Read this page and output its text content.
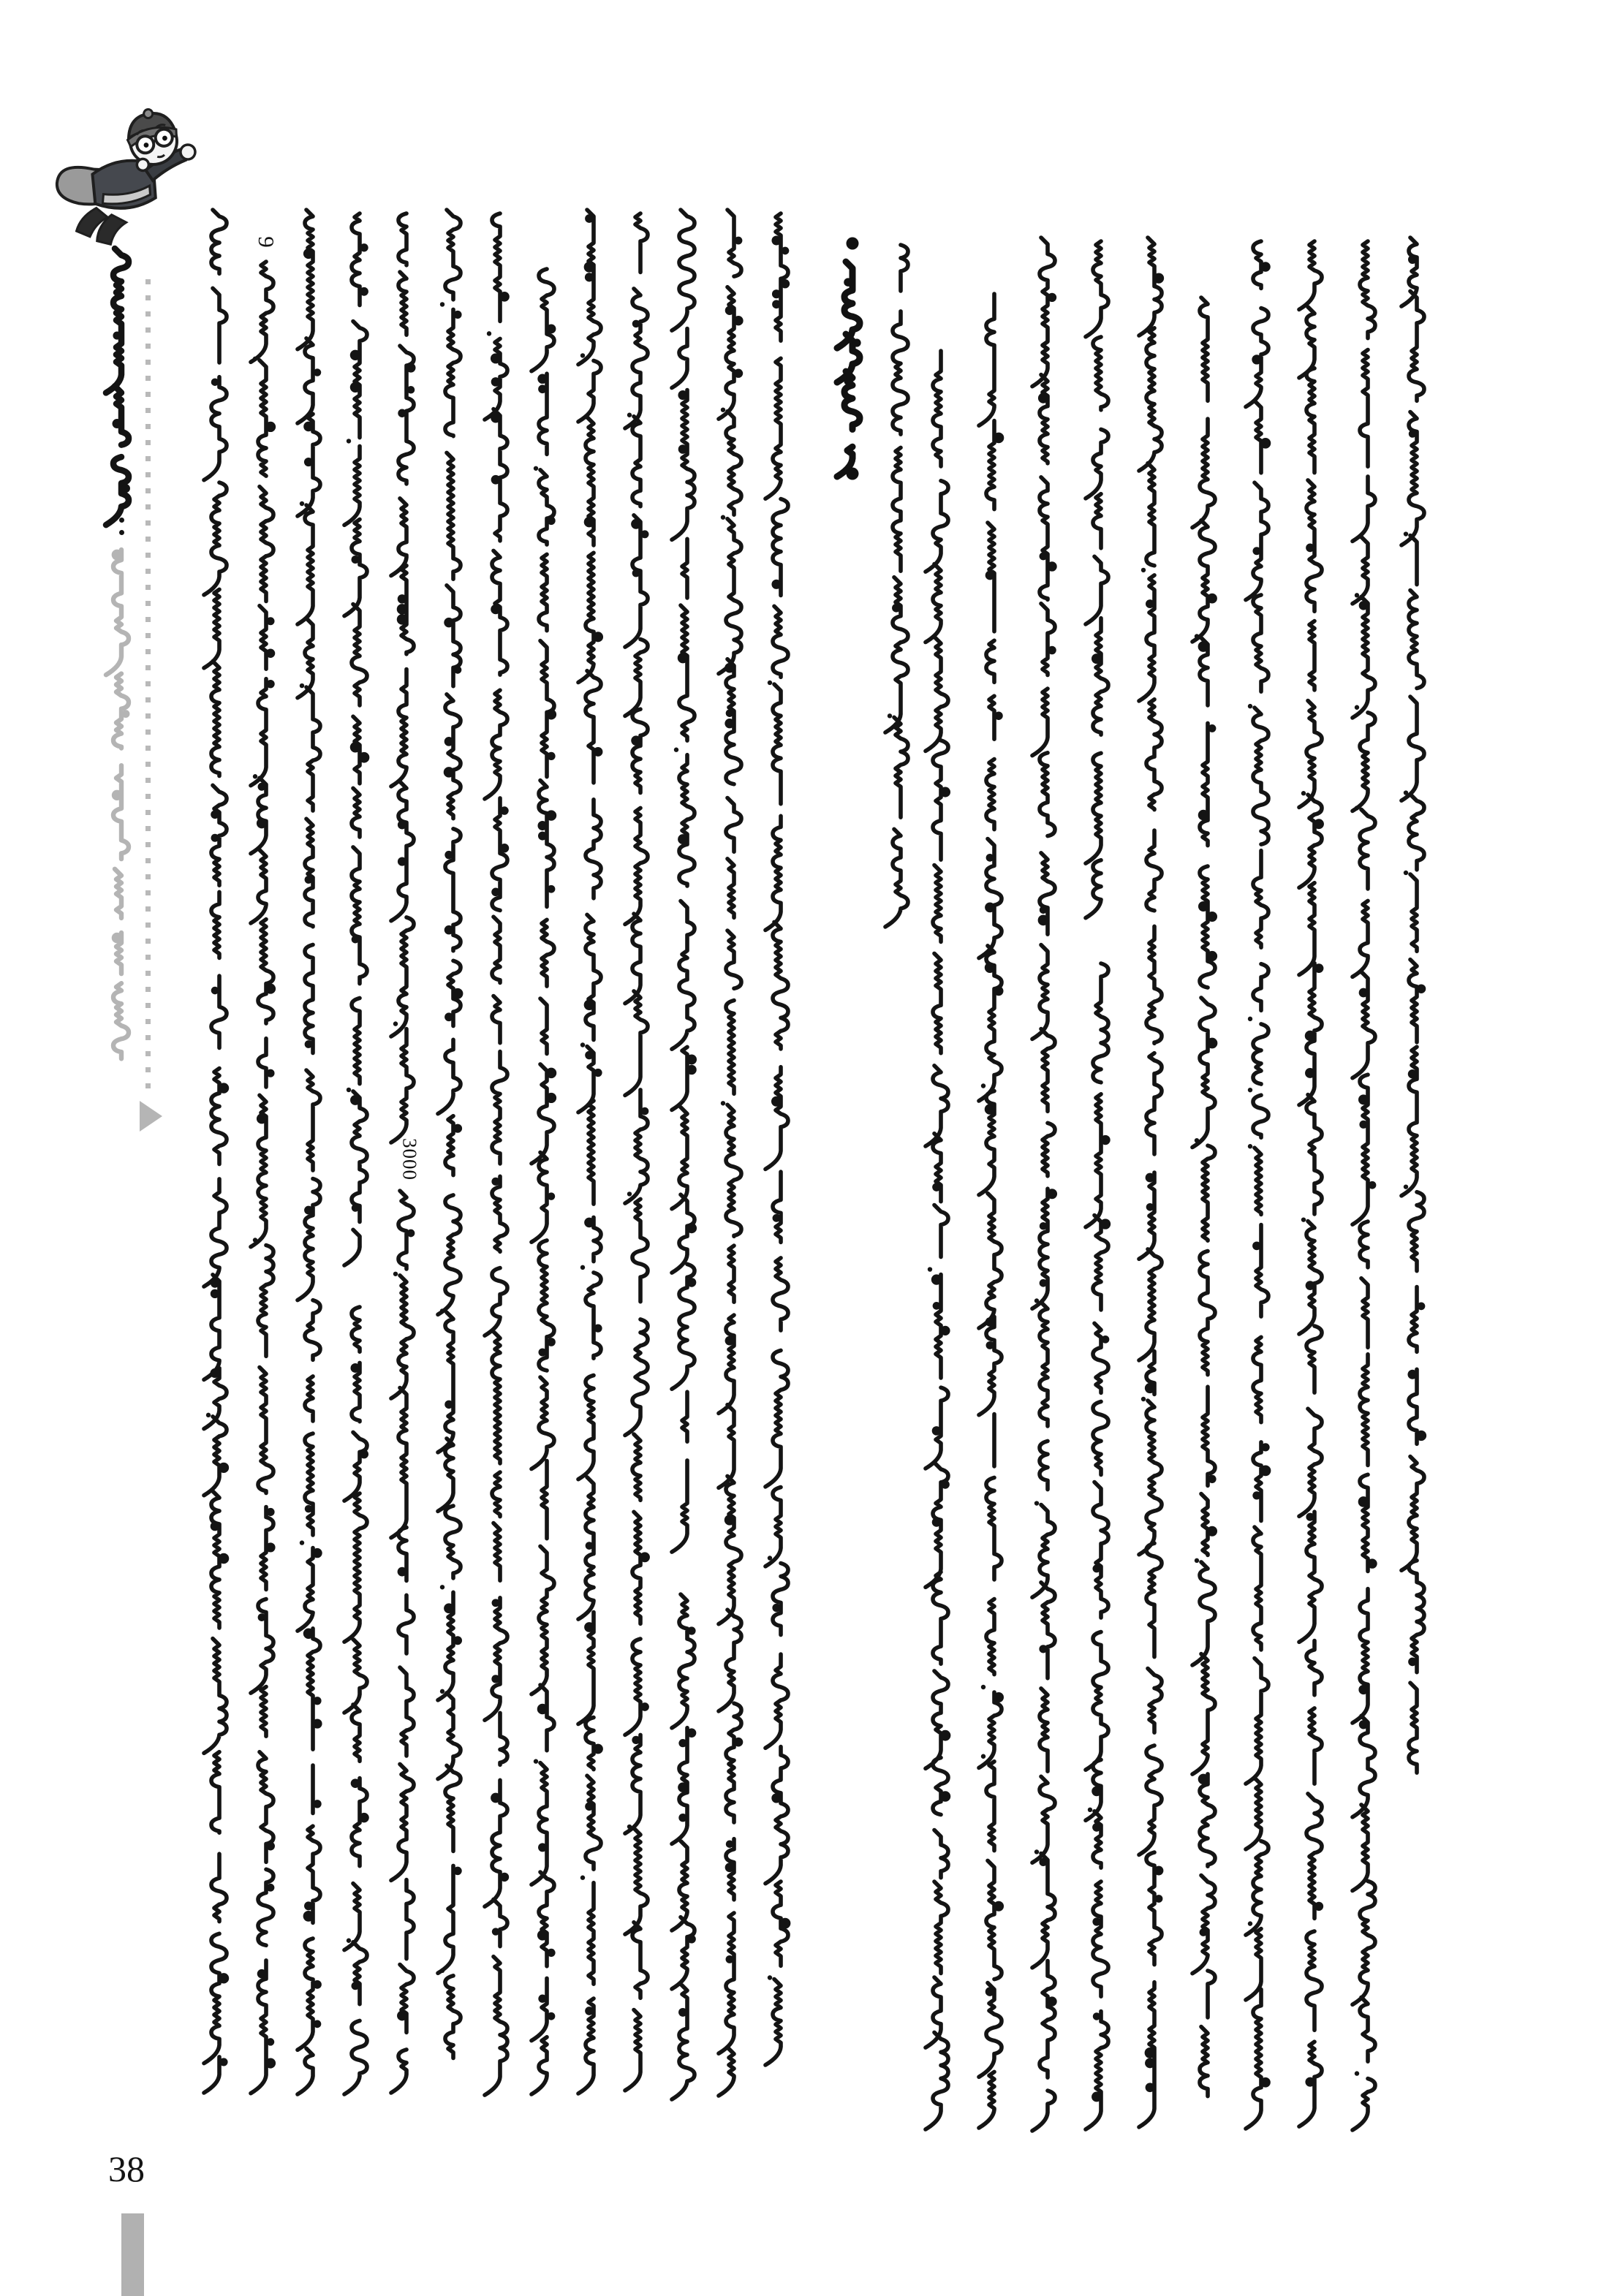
9
3000
38
